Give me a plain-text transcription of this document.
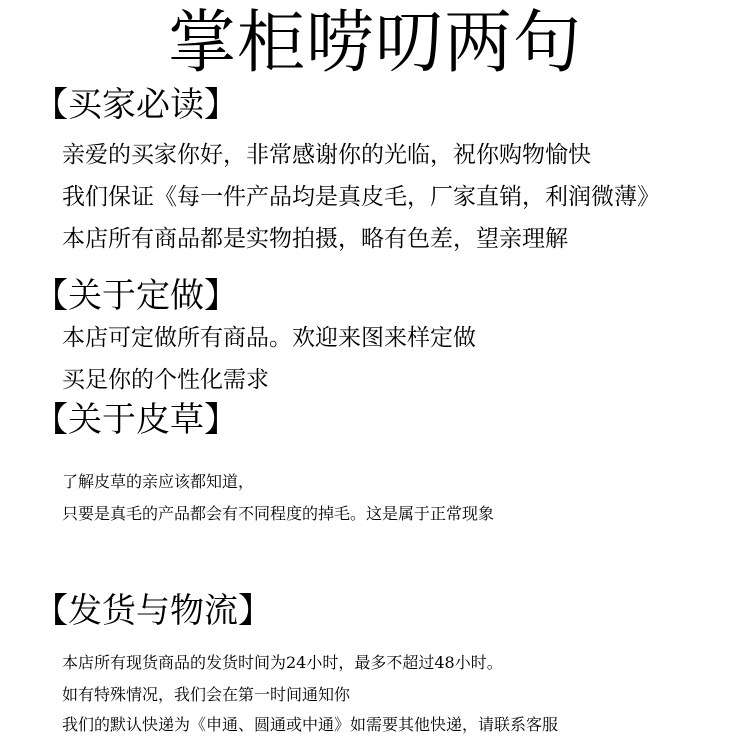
掌柜唠叨两句
【买家必读】
亲爱的买家你好，非常感谢你的光临，祝你购物愉快
我们保证《每一件产品均是真皮毛，厂家直销，利润微薄》
本店所有商品都是实物拍摄，略有色差，望亲理解
【关于定做】
本店可定做所有商品。欢迎来图来样定做
买足你的个性化需求
【关于皮草】
了解皮草的亲应该都知道，
只要是真毛的产品都会有不同程度的掉毛。这是属于正常现象
【发货与物流】
本店所有现货商品的发货时间为24小时，最多不超过48小时。
如有特殊情况，我们会在第一时间通知你
我们的默认快递为《申通、圆通或中通》如需要其他快递，请联系客服
